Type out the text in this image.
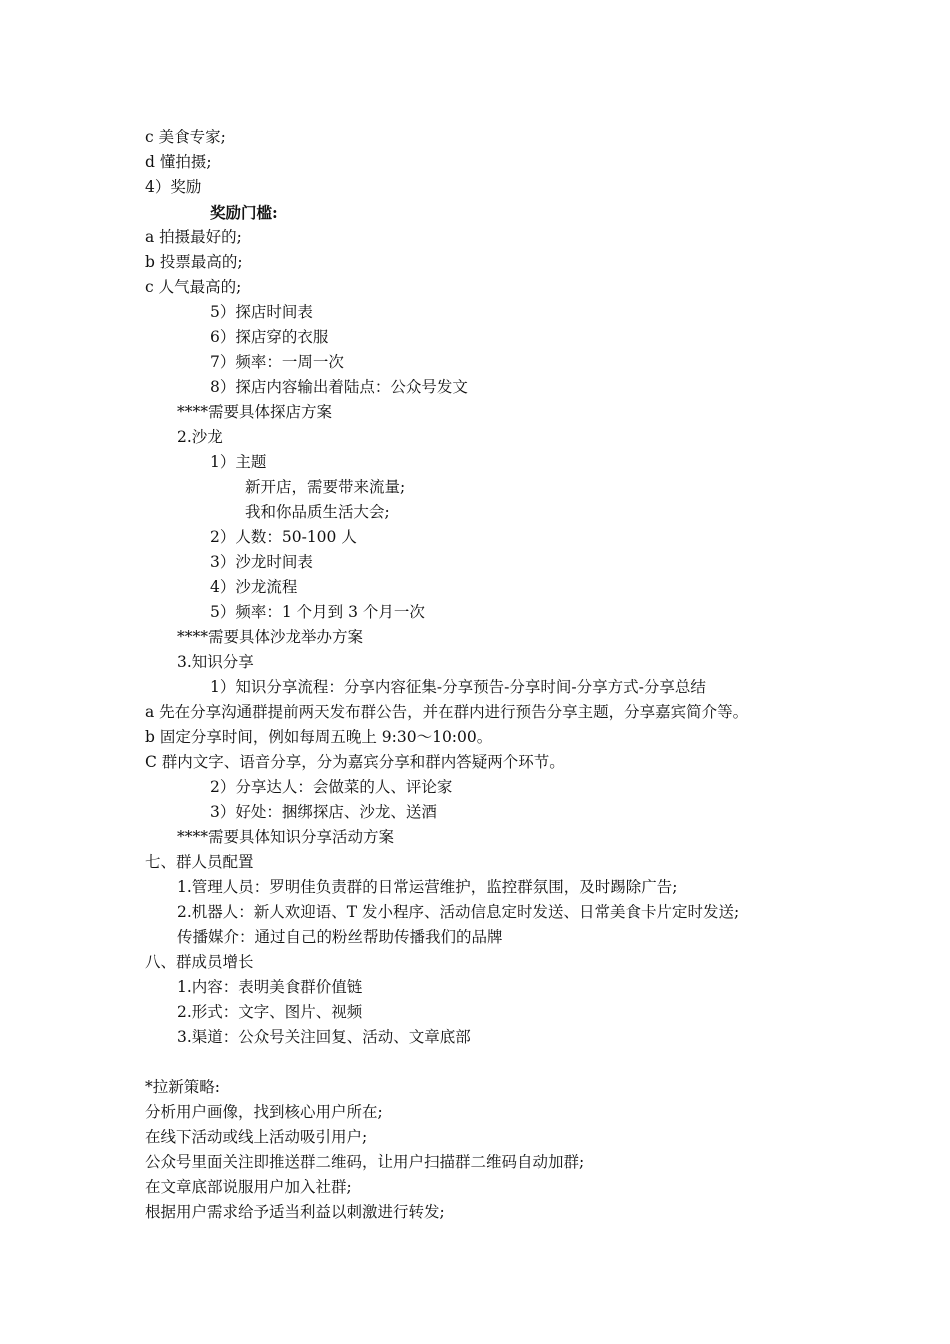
c 美食专家;
d 懂拍摄;
4）奖励
奖励门槛:
a 拍摄最好的;
b 投票最高的;
c 人气最高的;
5）探店时间表
6）探店穿的衣服
7）频率：一周一次
8）探店内容输出着陆点：公众号发文
****需要具体探店方案
2.沙龙
1）主题
新开店，需要带来流量;
我和你品质生活大会;
2）人数：50-100 人
3）沙龙时间表
4）沙龙流程
5）频率：1 个月到 3 个月一次
****需要具体沙龙举办方案
3.知识分享
1）知识分享流程：分享内容征集-分享预告-分享时间-分享方式-分享总结
a 先在分享沟通群提前两天发布群公告，并在群内进行预告分享主题，分享嘉宾简介等。
b 固定分享时间，例如每周五晚上 9:30～10:00。
C 群内文字、语音分享，分为嘉宾分享和群内答疑两个环节。
2）分享达人：会做菜的人、评论家
3）好处：捆绑探店、沙龙、送酒
****需要具体知识分享活动方案
七、群人员配置
1.管理人员：罗明佳负责群的日常运营维护，监控群氛围，及时踢除广告;
2.机器人：新人欢迎语、T 发小程序、活动信息定时发送、日常美食卡片定时发送;
传播媒介：通过自己的粉丝帮助传播我们的品牌
八、群成员增长
1.内容：表明美食群价值链
2.形式：文字、图片、视频
3.渠道：公众号关注回复、活动、文章底部
*拉新策略:
分析用户画像，找到核心用户所在;
在线下活动或线上活动吸引用户;
公众号里面关注即推送群二维码，让用户扫描群二维码自动加群;
在文章底部说服用户加入社群;
根据用户需求给予适当利益以刺激进行转发;
